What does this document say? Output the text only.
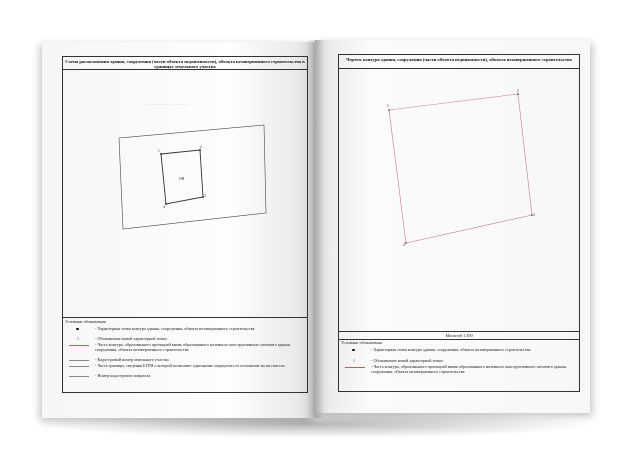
Схема расположения здания, сооружения (части объекта недвижимости), объекта незавершенного строительства в границах земельного участка
———— ———— ————
1
2
3
4
ОН
Условные обозначения
- Характерная точка контура здания, сооружения, объекта незавершенного строительства
1	- Обозначение новой характерной точки
- Часть контура, образованного проекцией вновь образованного наземного конструктивного элемента здания, сооружения, объекта незавершенного строительства
- Кадастровый номер земельного участка
- Часть границы, сведения ЕГРН о которой позволяют однозначно определить ее положение на местности
- Номер кадастрового квартала
Чертеж контура здания, сооружения (части объекта недвижимости), объекта незавершенного строительства
1
2
3
4
Масштаб 1:100
Условные обозначения
- Характерная точка контура здания, сооружения, объекта незавершенного строительства
1	- Обозначение новой характерной точки
- Часть контура, образованного проекцией вновь образованного наземного конструктивного элемента здания, сооружения, объекта незавершенного строительства
